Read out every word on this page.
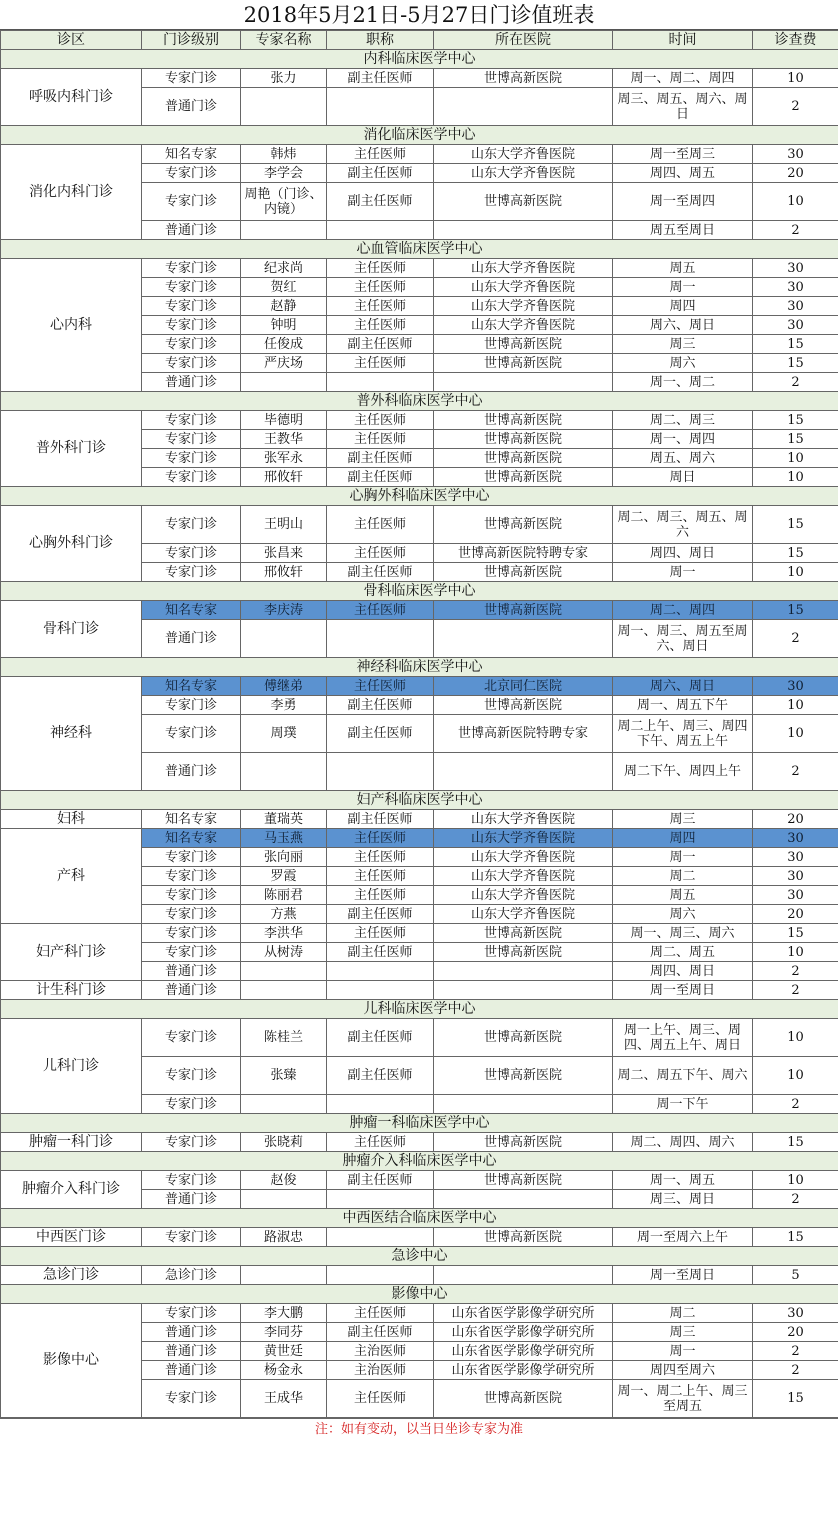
2018年5月21日-5月27日门诊值班表
诊区	门诊级别	专家名称	职称	所在医院	时间	诊查费
内科临床医学中心						
呼吸内科门诊	专家门诊	张力	副主任医师	世博高新医院	周一、周二、周四	10
	普通门诊				周三、周五、周六、周日	2
消化临床医学中心						
消化内科门诊	知名专家	韩炜	主任医师	山东大学齐鲁医院	周一至周三	30
	专家门诊	李学会	副主任医师	山东大学齐鲁医院	周四、周五	20
	专家门诊	周艳（门诊、内镜）	副主任医师	世博高新医院	周一至周四	10
	普通门诊				周五至周日	2
心血管临床医学中心						
心内科	专家门诊	纪求尚	主任医师	山东大学齐鲁医院	周五	30
	专家门诊	贺红	主任医师	山东大学齐鲁医院	周一	30
	专家门诊	赵静	主任医师	山东大学齐鲁医院	周四	30
	专家门诊	钟明	主任医师	山东大学齐鲁医院	周六、周日	30
	专家门诊	任俊成	副主任医师	世博高新医院	周三	15
	专家门诊	严庆场	主任医师	世博高新医院	周六	15
	普通门诊				周一、周二	2
普外科临床医学中心						
普外科门诊	专家门诊	毕德明	主任医师	世博高新医院	周二、周三	15
	专家门诊	王教华	主任医师	世博高新医院	周一、周四	15
	专家门诊	张军永	副主任医师	世博高新医院	周五、周六	10
	专家门诊	邢攸轩	副主任医师	世博高新医院	周日	10
心胸外科临床医学中心						
心胸外科门诊	专家门诊	王明山	主任医师	世博高新医院	周二、周三、周五、周六	15
	专家门诊	张昌来	主任医师	世博高新医院特聘专家	周四、周日	15
	专家门诊	邢攸轩	副主任医师	世博高新医院	周一	10
骨科临床医学中心						
骨科门诊	知名专家	李庆涛	主任医师	世博高新医院	周二、周四	15
	普通门诊				周一、周三、周五至周六、周日	2
神经科临床医学中心						
神经科	知名专家	傅继弟	主任医师	北京同仁医院	周六、周日	30
	专家门诊	李勇	副主任医师	世博高新医院	周一、周五下午	10
	专家门诊	周璞	副主任医师	世博高新医院特聘专家	周二上午、周三、周四下午、周五上午	10
	普通门诊				周二下午、周四上午	2
妇产科临床医学中心						
妇科	知名专家	董瑞英	副主任医师	山东大学齐鲁医院	周三	20
产科	知名专家	马玉燕	主任医师	山东大学齐鲁医院	周四	30
	专家门诊	张向丽	主任医师	山东大学齐鲁医院	周一	30
	专家门诊	罗霞	主任医师	山东大学齐鲁医院	周二	30
	专家门诊	陈丽君	主任医师	山东大学齐鲁医院	周五	30
	专家门诊	方燕	副主任医师	山东大学齐鲁医院	周六	20
妇产科门诊	专家门诊	李洪华	主任医师	世博高新医院	周一、周三、周六	15
	专家门诊	从树涛	副主任医师	世博高新医院	周二、周五	10
	普通门诊				周四、周日	2
计生科门诊	普通门诊				周一至周日	2
儿科临床医学中心						
儿科门诊	专家门诊	陈桂兰	副主任医师	世博高新医院	周一上午、周三、周四、周五上午、周日	10
	专家门诊	张臻	副主任医师	世博高新医院	周二、周五下午、周六	10
	专家门诊				周一下午	2
肿瘤一科临床医学中心						
肿瘤一科门诊	专家门诊	张晓莉	主任医师	世博高新医院	周二、周四、周六	15
肿瘤介入科临床医学中心						
肿瘤介入科门诊	专家门诊	赵俊	副主任医师	世博高新医院	周一、周五	10
	普通门诊				周三、周日	2
中西医结合临床医学中心						
中西医门诊	专家门诊	路淑忠		世博高新医院	周一至周六上午	15
急诊中心						
急诊门诊	急诊门诊				周一至周日	5
影像中心						
影像中心	专家门诊	李大鹏	主任医师	山东省医学影像学研究所	周二	30
	普通门诊	李同芬	副主任医师	山东省医学影像学研究所	周三	20
	普通门诊	黄世廷	主治医师	山东省医学影像学研究所	周一	2
	普通门诊	杨金永	主治医师	山东省医学影像学研究所	周四至周六	2
	专家门诊	王成华	主任医师	世博高新医院	周一、周二上午、周三至周五	15
注：如有变动，以当日坐诊专家为准
